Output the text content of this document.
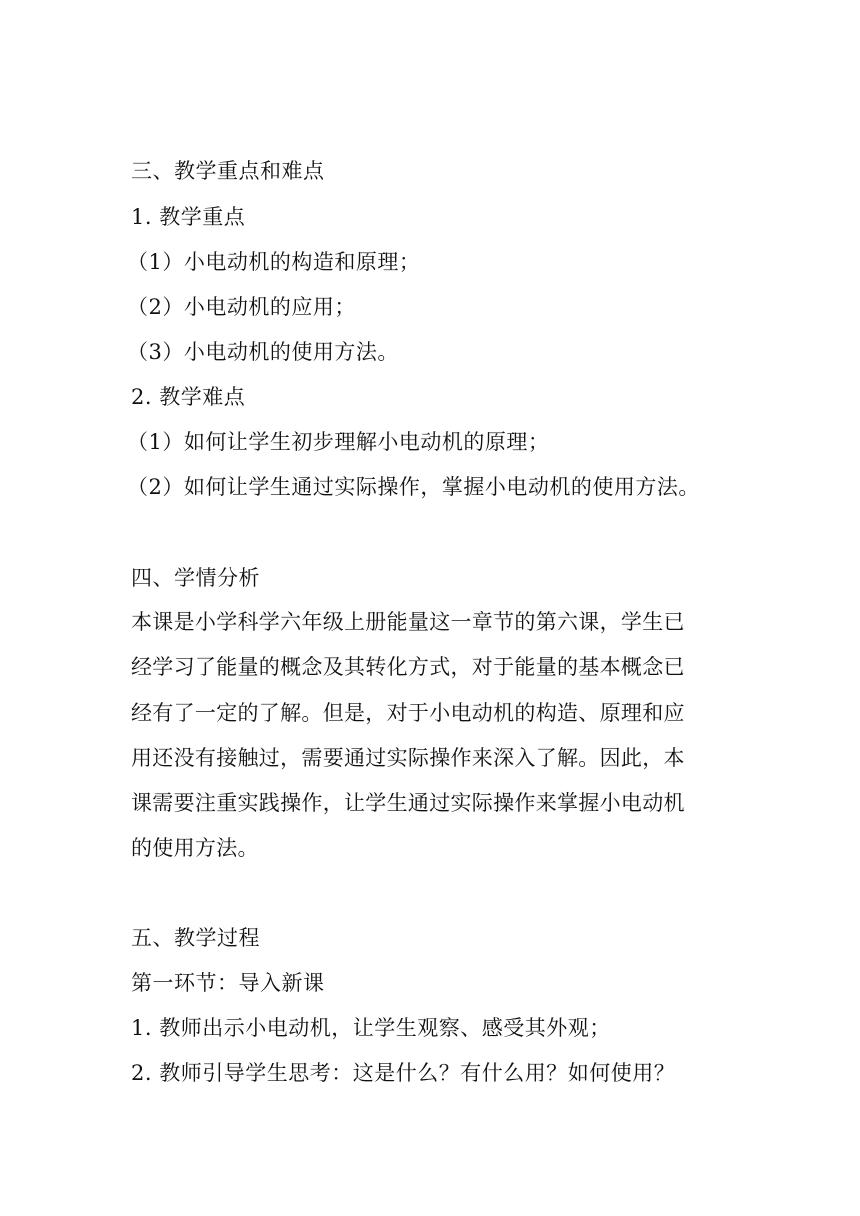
三、教学重点和难点
1. 教学重点
（1）小电动机的构造和原理；
（2）小电动机的应用；
（3）小电动机的使用方法。
2. 教学难点
（1）如何让学生初步理解小电动机的原理；
（2）如何让学生通过实际操作，掌握小电动机的使用方法。
四、学情分析
本课是小学科学六年级上册能量这一章节的第六课，学生已
经学习了能量的概念及其转化方式，对于能量的基本概念已
经有了一定的了解。但是，对于小电动机的构造、原理和应
用还没有接触过，需要通过实际操作来深入了解。因此，本
课需要注重实践操作，让学生通过实际操作来掌握小电动机
的使用方法。
五、教学过程
第一环节：导入新课
1. 教师出示小电动机，让学生观察、感受其外观；
2. 教师引导学生思考：这是什么？有什么用？如何使用？
